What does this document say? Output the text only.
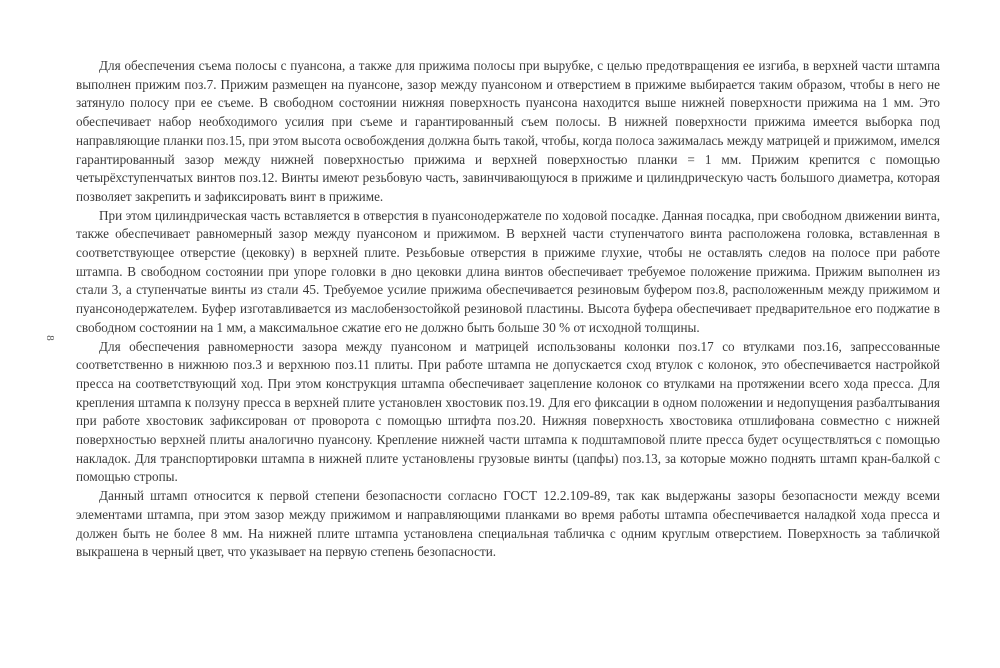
8

Для обеспечения съема полосы с пуансона, а также для прижима полосы при вырубке, с целью предотвращения ее изгиба, в верхней части штампа выполнен прижим поз.7. Прижим размещен на пуансоне, зазор между пуансоном и отверстием в прижиме выбирается таким образом, чтобы в него не затянуло полосу при ее съеме. В свободном состоянии нижняя поверхность пуансона находится выше нижней поверхности прижима на 1 мм. Это обеспечивает набор необходимого усилия при съеме и гарантированный съем полосы. В нижней поверхности прижима имеется выборка под направляющие планки поз.15, при этом высота освобождения должна быть такой, чтобы, когда полоса зажималась между матрицей и прижимом, имелся гарантированный зазор между нижней поверхностью прижима и верхней поверхностью планки = 1 мм. Прижим крепится с помощью четырёхступенчатых винтов поз.12. Винты имеют резьбовую часть, завинчивающуюся в прижиме и цилиндрическую часть большого диаметра, которая позволяет закрепить и зафиксировать винт в прижиме.

При этом цилиндрическая часть вставляется в отверстия в пуансонодержателе по ходовой посадке. Данная посадка, при свободном движении винта, также обеспечивает равномерный зазор между пуансоном и прижимом. В верхней части ступенчатого винта расположена головка, вставленная в соответствующее отверстие (цековку) в верхней плите. Резьбовые отверстия в прижиме глухие, чтобы не оставлять следов на полосе при работе штампа. В свободном состоянии при упоре головки в дно цековки длина винтов обеспечивает требуемое положение прижима. Прижим выполнен из стали 3, а ступенчатые винты из стали 45. Требуемое усилие прижима обеспечивается резиновым буфером поз.8, расположенным между прижимом и пуансонодержателем. Буфер изготавливается из маслобензостойкой резиновой пластины. Высота буфера обеспечивает предварительное его поджатие в свободном состоянии на 1 мм, а максимальное сжатие его не должно быть больше 30 % от исходной толщины.

Для обеспечения равномерности зазора между пуансоном и матрицей использованы колонки поз.17 со втулками поз.16, запрессованные соответственно в нижнюю поз.3 и верхнюю поз.11 плиты. При работе штампа не допускается сход втулок с колонок, это обеспечивается настройкой пресса на соответствующий ход. При этом конструкция штампа обеспечивает зацепление колонок со втулками на протяжении всего хода пресса. Для крепления штампа к ползуну пресса в верхней плите установлен хвостовик поз.19. Для его фиксации в одном положении и недопущения разбалтывания при работе хвостовик зафиксирован от проворота с помощью штифта поз.20. Нижняя поверхность хвостовика отшлифована совместно с нижней поверхностью верхней плиты аналогично пуансону. Крепление нижней части штампа к подштамповой плите пресса будет осуществляться с помощью накладок. Для транспортировки штампа в нижней плите установлены грузовые винты (цапфы) поз.13, за которые можно поднять штамп кран-балкой с помощью стропы.

Данный штамп относится к первой степени безопасности согласно ГОСТ 12.2.109-89, так как выдержаны зазоры безопасности между всеми элементами штампа, при этом зазор между прижимом и направляющими планками во время работы штампа обеспечивается наладкой хода пресса и должен быть не более 8 мм. На нижней плите штампа установлена специальная табличка с одним круглым отверстием. Поверхность за табличкой выкрашена в черный цвет, что указывает на первую степень безопасности.
